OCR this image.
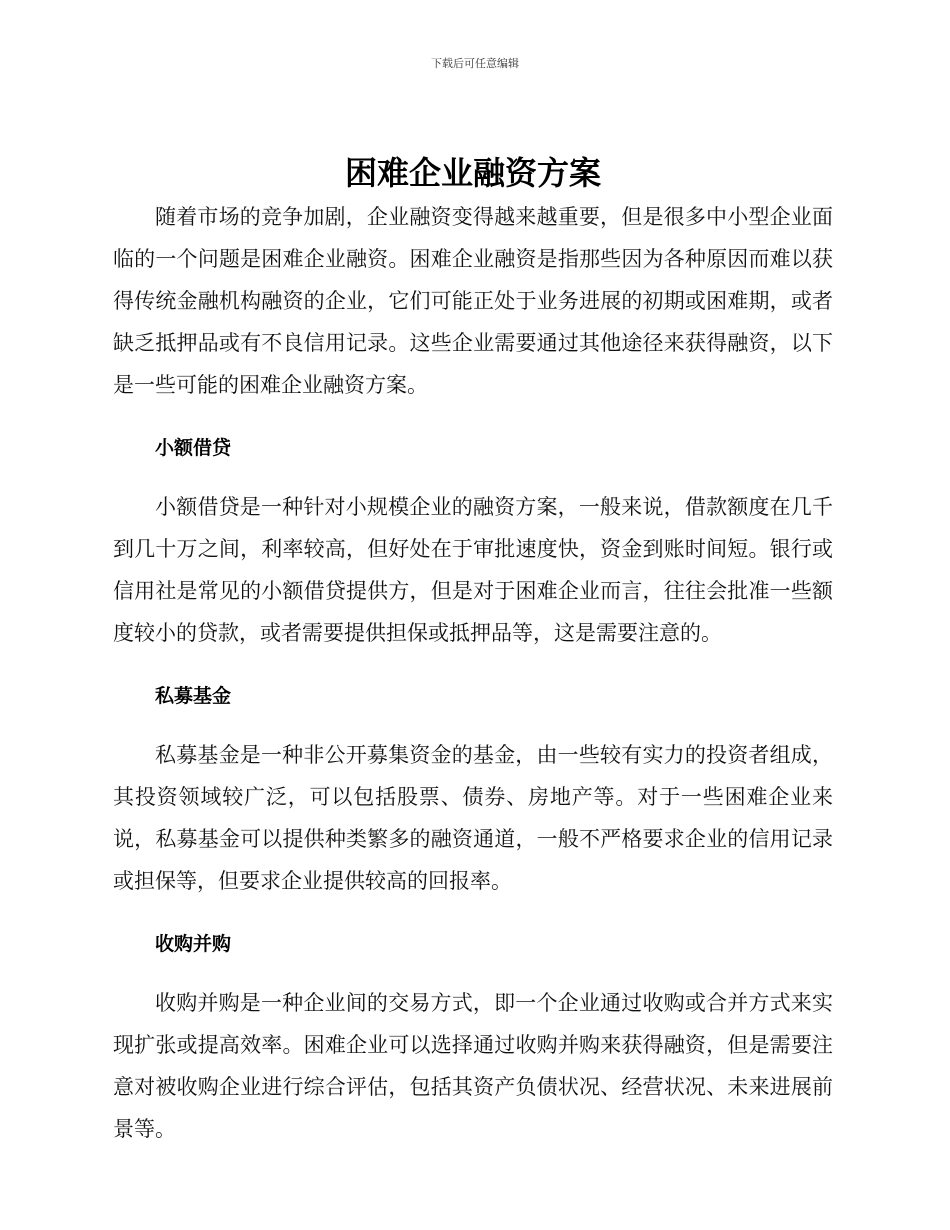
下载后可任意编辑
困难企业融资方案

随着市场的竞争加剧，企业融资变得越来越重要，但是很多中小型企业面临的一个问题是困难企业融资。困难企业融资是指那些因为各种原因而难以获得传统金融机构融资的企业，它们可能正处于业务进展的初期或困难期，或者缺乏抵押品或有不良信用记录。这些企业需要通过其他途径来获得融资，以下是一些可能的困难企业融资方案。

小额借贷

小额借贷是一种针对小规模企业的融资方案，一般来说，借款额度在几千到几十万之间，利率较高，但好处在于审批速度快，资金到账时间短。银行或信用社是常见的小额借贷提供方，但是对于困难企业而言，往往会批准一些额度较小的贷款，或者需要提供担保或抵押品等，这是需要注意的。

私募基金

私募基金是一种非公开募集资金的基金，由一些较有实力的投资者组成，其投资领域较广泛，可以包括股票、债券、房地产等。对于一些困难企业来说，私募基金可以提供种类繁多的融资通道，一般不严格要求企业的信用记录或担保等，但要求企业提供较高的回报率。

收购并购

收购并购是一种企业间的交易方式，即一个企业通过收购或合并方式来实现扩张或提高效率。困难企业可以选择通过收购并购来获得融资，但是需要注意对被收购企业进行综合评估，包括其资产负债状况、经营状况、未来进展前景等。
